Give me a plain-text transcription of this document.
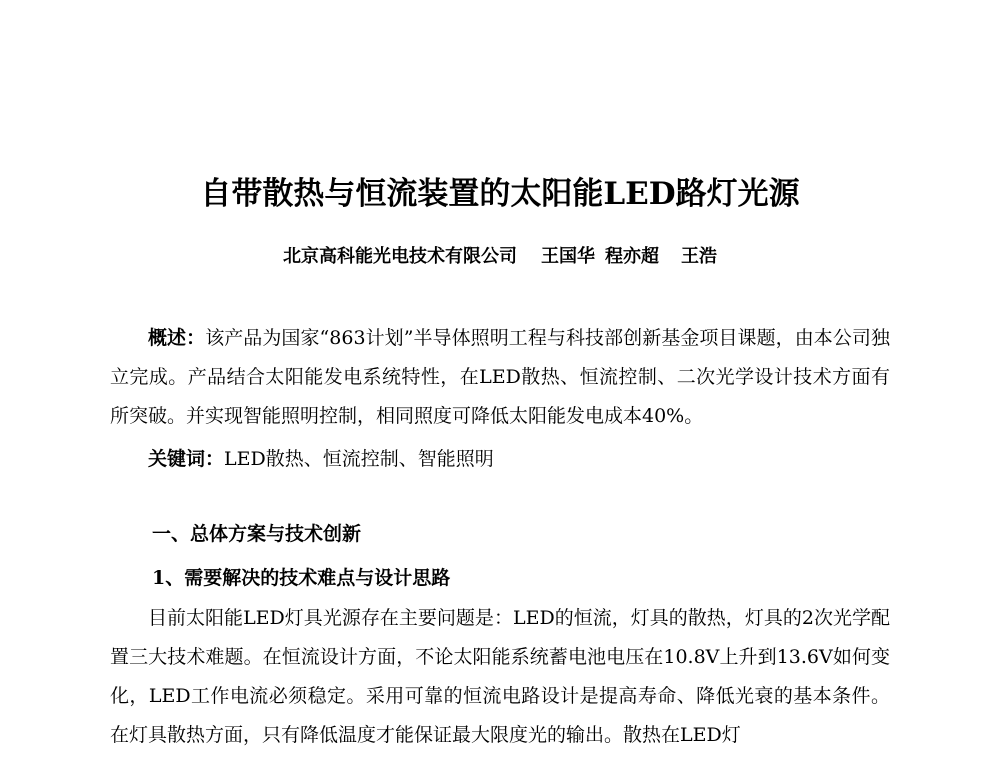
自带散热与恒流装置的太阳能LED路灯光源
北京高科能光电技术有限公司 王国华 程亦超 王浩

概述：该产品为国家“863计划”半导体照明工程与科技部创新基金项目课题，由本公司独立完成。产品结合太阳能发电系统特性，在LED散热、恒流控制、二次光学设计技术方面有所突破。并实现智能照明控制，相同照度可降低太阳能发电成本40%。

关键词：LED散热、恒流控制、智能照明

一、总体方案与技术创新
1、需要解决的技术难点与设计思路

目前太阳能LED灯具光源存在主要问题是：LED的恒流，灯具的散热，灯具的2次光学配置三大技术难题。在恒流设计方面，不论太阳能系统蓄电池电压在10.8V上升到13.6V如何变化，LED工作电流必须稳定。采用可靠的恒流电路设计是提高寿命、降低光衰的基本条件。在灯具散热方面，只有降低温度才能保证最大限度光的输出。散热在LED灯
